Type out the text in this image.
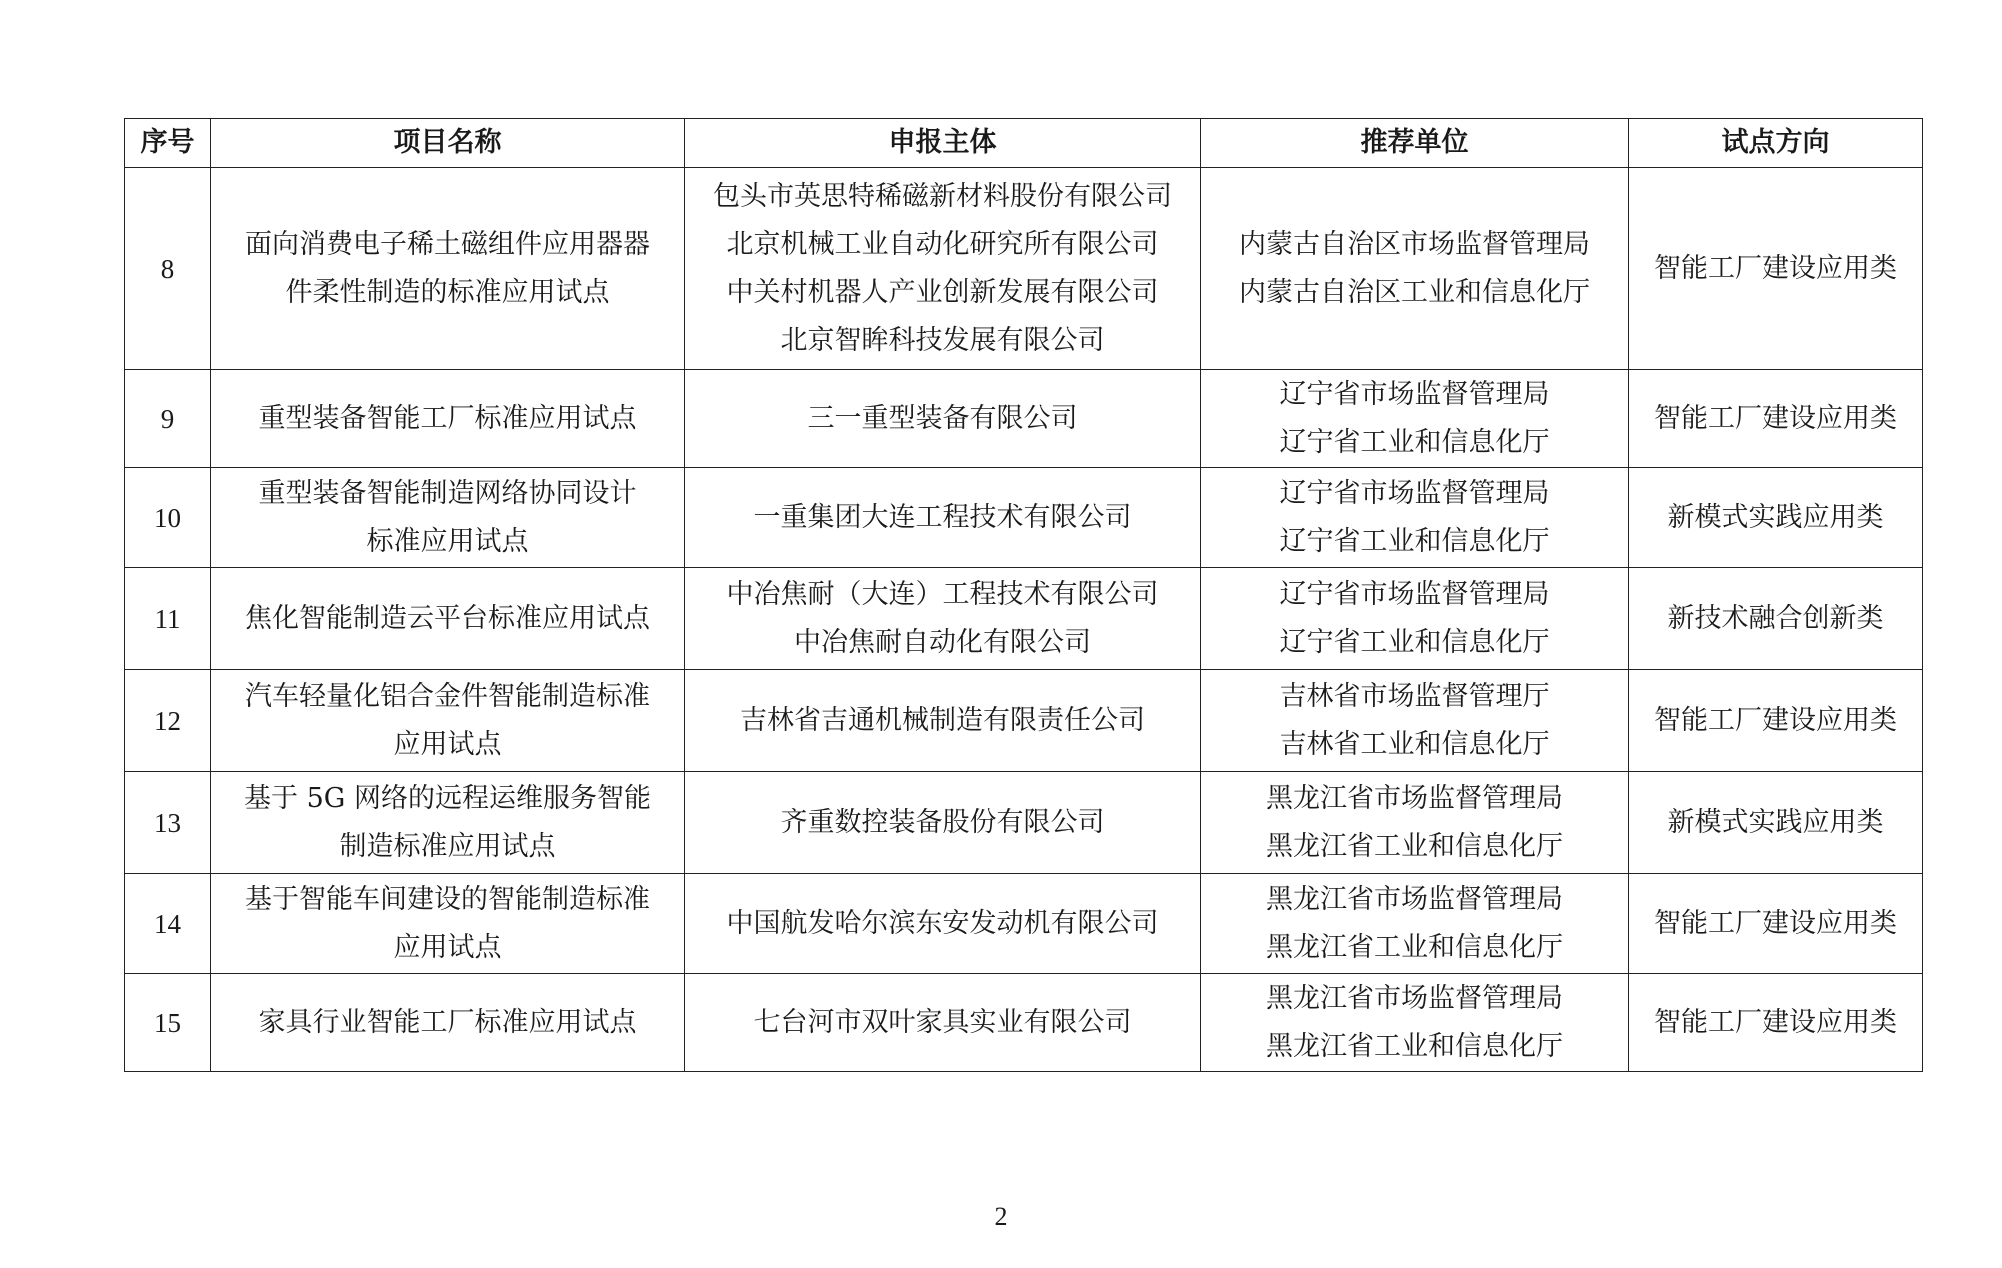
序号	项目名称	申报主体	推荐单位	试点方向
8	面向消费电子稀土磁组件应用器器
件柔性制造的标准应用试点	包头市英思特稀磁新材料股份有限公司
北京机械工业自动化研究所有限公司
中关村机器人产业创新发展有限公司
北京智眸科技发展有限公司	内蒙古自治区市场监督管理局
内蒙古自治区工业和信息化厅	智能工厂建设应用类
9	重型装备智能工厂标准应用试点	三一重型装备有限公司	辽宁省市场监督管理局
辽宁省工业和信息化厅	智能工厂建设应用类
10	重型装备智能制造网络协同设计
标准应用试点	一重集团大连工程技术有限公司	辽宁省市场监督管理局
辽宁省工业和信息化厅	新模式实践应用类
11	焦化智能制造云平台标准应用试点	中冶焦耐（大连）工程技术有限公司
中冶焦耐自动化有限公司	辽宁省市场监督管理局
辽宁省工业和信息化厅	新技术融合创新类
12	汽车轻量化铝合金件智能制造标准
应用试点	吉林省吉通机械制造有限责任公司	吉林省市场监督管理厅
吉林省工业和信息化厅	智能工厂建设应用类
13	基于 5G 网络的远程运维服务智能
制造标准应用试点	齐重数控装备股份有限公司	黑龙江省市场监督管理局
黑龙江省工业和信息化厅	新模式实践应用类
14	基于智能车间建设的智能制造标准
应用试点	中国航发哈尔滨东安发动机有限公司	黑龙江省市场监督管理局
黑龙江省工业和信息化厅	智能工厂建设应用类
15	家具行业智能工厂标准应用试点	七台河市双叶家具实业有限公司	黑龙江省市场监督管理局
黑龙江省工业和信息化厅	智能工厂建设应用类
2
